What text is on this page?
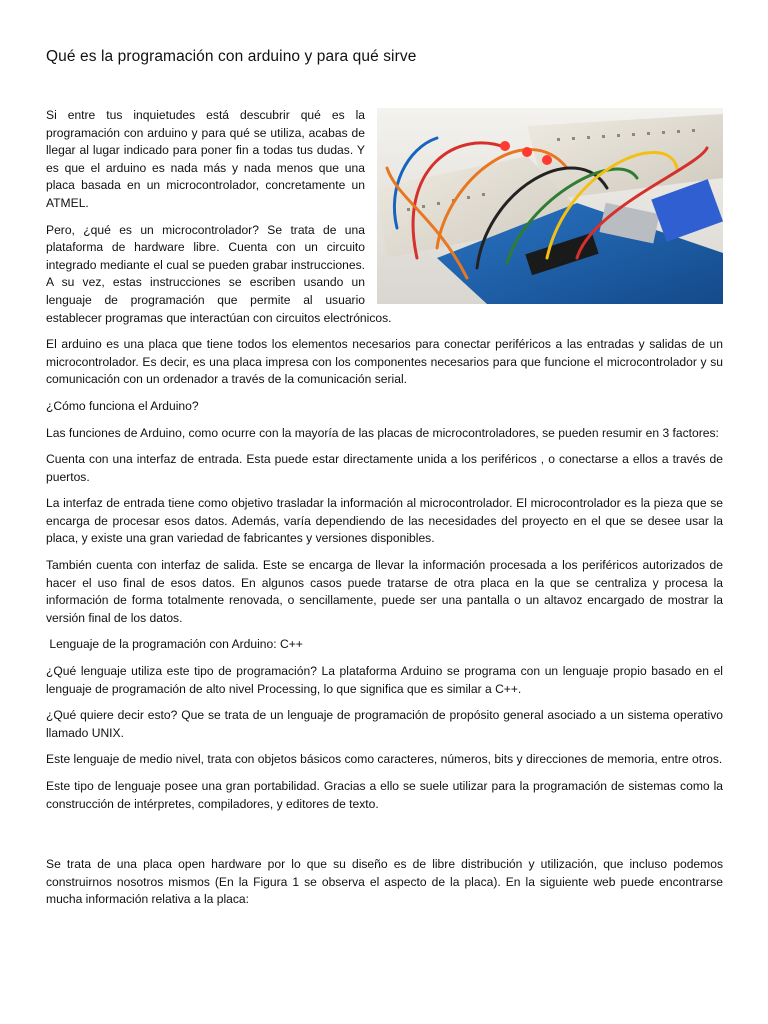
Qué es la programación con arduino y para qué sirve

Si entre tus inquietudes está descubrir qué es la programación con arduino y para qué se utiliza, acabas de llegar al lugar indicado para poner fin a todas tus dudas. Y es que el arduino es nada más y nada menos que una placa basada en un microcontrolador, concretamente un ATMEL.

Pero, ¿qué es un microcontrolador? Se trata de una plataforma de hardware libre. Cuenta con un circuito integrado mediante el cual se pueden grabar instrucciones. A su vez, estas instrucciones se escriben usando un lenguaje de programación que permite al usuario establecer programas que interactúan con circuitos electrónicos.

El arduino es una placa que tiene todos los elementos necesarios para conectar periféricos a las entradas y salidas de un microcontrolador. Es decir, es una placa impresa con los componentes necesarios para que funcione el microcontrolador y su comunicación con un ordenador a través de la comunicación serial.

¿Cómo funciona el Arduino?

Las funciones de Arduino, como ocurre con la mayoría de las placas de microcontroladores, se pueden resumir en 3 factores:

Cuenta con una interfaz de entrada. Esta puede estar directamente unida a los periféricos , o conectarse a ellos a través de puertos.

La interfaz de entrada tiene como objetivo trasladar la información al microcontrolador. El microcontrolador es la pieza que se encarga de procesar esos datos. Además, varía dependiendo de las necesidades del proyecto en el que se desee usar la placa, y existe una gran variedad de fabricantes y versiones disponibles.

También cuenta con interfaz de salida. Este se encarga de llevar la información procesada a los periféricos autorizados de hacer el uso final de esos datos. En algunos casos puede tratarse de otra placa en la que se centraliza y procesa la información de forma totalmente renovada, o sencillamente, puede ser una pantalla o un altavoz encargado de mostrar la versión final de los datos.

Lenguaje de la programación con Arduino: C++

¿Qué lenguaje utiliza este tipo de programación? La plataforma Arduino se programa con un lenguaje propio basado en el lenguaje de programación de alto nivel Processing, lo que significa que es similar a C++.

¿Qué quiere decir esto? Que se trata de un lenguaje de programación de propósito general asociado a un sistema operativo llamado UNIX.

Este lenguaje de medio nivel, trata con objetos básicos como caracteres, números, bits y direcciones de memoria, entre otros.

Este tipo de lenguaje posee una gran portabilidad. Gracias a ello se suele utilizar para la programación de sistemas como la construcción de intérpretes, compiladores, y editores de texto.

Se trata de una placa open hardware por lo que su diseño es de libre distribución y utilización, que incluso podemos construirnos nosotros mismos (En la Figura 1 se observa el aspecto de la placa). En la siguiente web puede encontrarse mucha información relativa a la placa:
